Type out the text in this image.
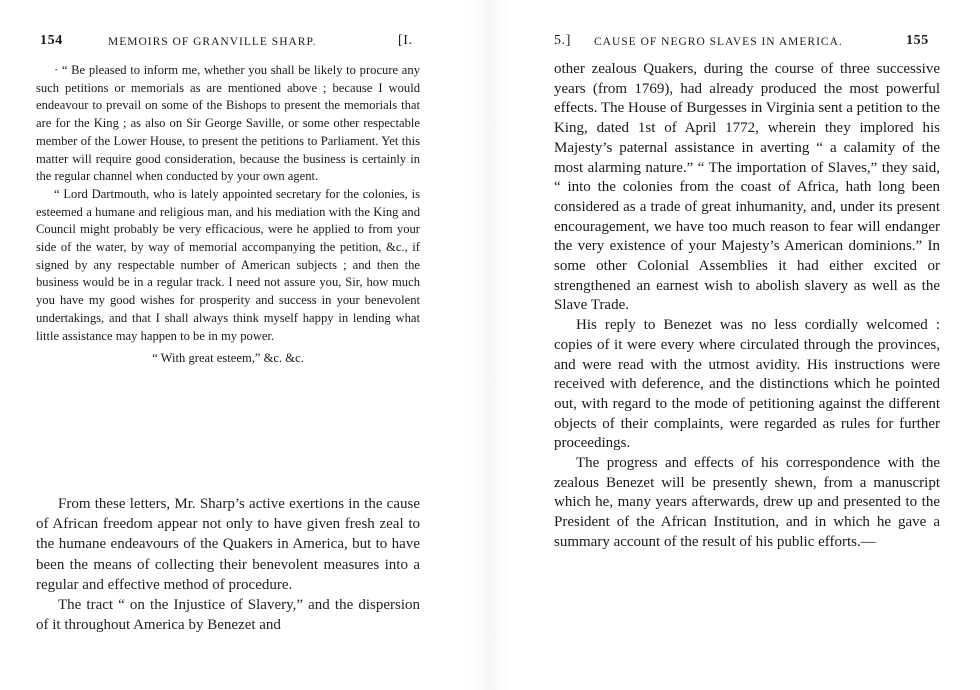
154	MEMOIRS OF GRANVILLE SHARP.	[I.

· “ Be pleased to inform me, whether you shall be likely to procure any such petitions or memorials as are mentioned above ; because I would endeavour to prevail on some of the Bishops to present the memorials that are for the King ; as also on Sir George Saville, or some other respectable member of the Lower House, to present the petitions to Parliament. Yet this matter will require good consideration, because the business is certainly in the regular channel when conducted by your own agent.

“ Lord Dartmouth, who is lately appointed secretary for the colonies, is esteemed a humane and religious man, and his mediation with the King and Council might probably be very efficacious, were he applied to from your side of the water, by way of memorial accompanying the petition, &c., if signed by any respectable number of American subjects ; and then the business would be in a regular track. I need not assure you, Sir, how much you have my good wishes for prosperity and success in your benevolent undertakings, and that I shall always think myself happy in lending what little assistance may happen to be in my power.

“ With great esteem,” &c. &c.

From these letters, Mr. Sharp’s active exertions in the cause of African freedom appear not only to have given fresh zeal to the humane endeavours of the Quakers in America, but to have been the means of collecting their benevolent measures into a regular and effective method of procedure.

The tract “ on the Injustice of Slavery,” and the dispersion of it throughout America by Benezet and

5.] CAUSE OF NEGRO SLAVES IN AMERICA.	155

other zealous Quakers, during the course of three successive years (from 1769), had already produced the most powerful effects. The House of Burgesses in Virginia sent a petition to the King, dated 1st of April 1772, wherein they implored his Majesty’s paternal assistance in averting “ a calamity of the most alarming nature.” “ The importation of Slaves,” they said, “ into the colonies from the coast of Africa, hath long been considered as a trade of great inhumanity, and, under its present encouragement, we have too much reason to fear will endanger the very existence of your Majesty’s American dominions.” In some other Colonial Assemblies it had either excited or strengthened an earnest wish to abolish slavery as well as the Slave Trade.

His reply to Benezet was no less cordially welcomed : copies of it were every where circulated through the provinces, and were read with the utmost avidity. His instructions were received with deference, and the distinctions which he pointed out, with regard to the mode of petitioning against the different objects of their complaints, were regarded as rules for further proceedings.

The progress and effects of his correspondence with the zealous Benezet will be presently shewn, from a manuscript which he, many years afterwards, drew up and presented to the President of the African Institution, and in which he gave a summary account of the result of his public efforts.—
